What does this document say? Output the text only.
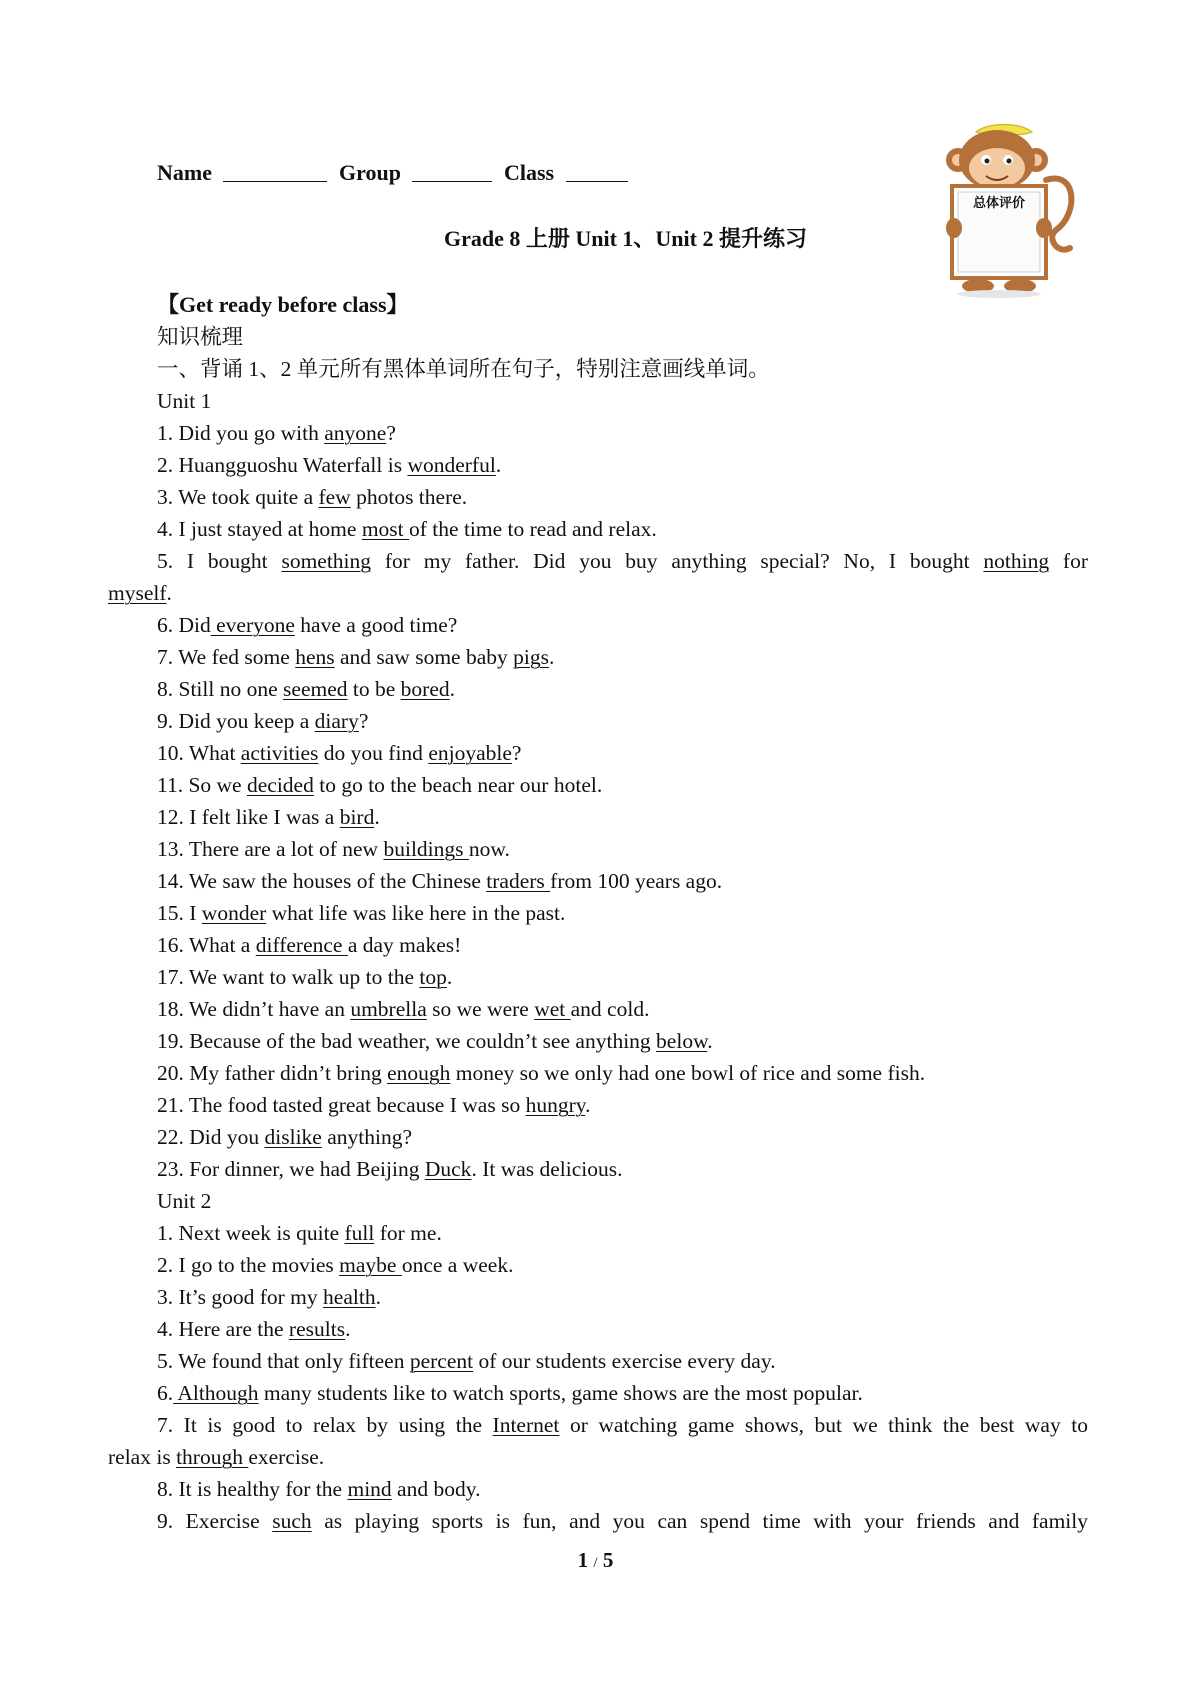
Name	Group	Class
总体评价
Grade 8 上册 Unit 1、Unit 2 提升练习
【Get ready before class】
知识梳理
一、背诵 1、2 单元所有黑体单词所在句子，特别注意画线单词。
Unit 1
1. Did you go with anyone?
2. Huangguoshu Waterfall is wonderful.
3. We took quite a few photos there.
4. I just stayed at home most of the time to read and relax.
5. I bought something for my father. Did you buy anything special? No, I bought nothing for
myself.
6. Did everyone have a good time?
7. We fed some hens and saw some baby pigs.
8. Still no one seemed to be bored.
9. Did you keep a diary?
10. What activities do you find enjoyable?
11. So we decided to go to the beach near our hotel.
12. I felt like I was a bird.
13. There are a lot of new buildings now.
14. We saw the houses of the Chinese traders from 100 years ago.
15. I wonder what life was like here in the past.
16. What a difference a day makes!
17. We want to walk up to the top.
18. We didn’t have an umbrella so we were wet and cold.
19. Because of the bad weather, we couldn’t see anything below.
20. My father didn’t bring enough money so we only had one bowl of rice and some fish.
21. The food tasted great because I was so hungry.
22. Did you dislike anything?
23. For dinner, we had Beijing Duck. It was delicious.
Unit 2
1. Next week is quite full for me.
2. I go to the movies maybe once a week.
3. It’s good for my health.
4. Here are the results.
5. We found that only fifteen percent of our students exercise every day.
6. Although many students like to watch sports, game shows are the most popular.
7. It is good to relax by using the Internet or watching game shows, but we think the best way to
relax is through exercise.
8. It is healthy for the mind and body.
9. Exercise such as playing sports is fun, and you can spend time with your friends and family
1 / 5
